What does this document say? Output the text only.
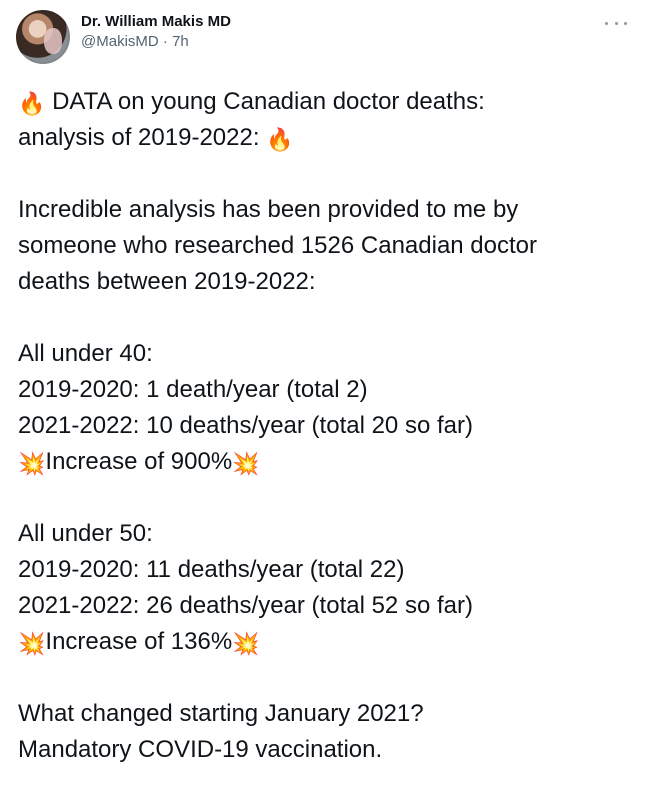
Dr. William Makis MD
@MakisMD · 7h
🔥 DATA on young Canadian doctor deaths:
analysis of 2019-2022: 🔥
Incredible analysis has been provided to me by
someone who researched 1526 Canadian doctor
deaths between 2019-2022:
All under 40:
2019-2020: 1 death/year (total 2)
2021-2022: 10 deaths/year (total 20 so far)
💥Increase of 900%💥
All under 50:
2019-2020: 11 deaths/year (total 22)
2021-2022: 26 deaths/year (total 52 so far)
💥Increase of 136%💥
What changed starting January 2021?
Mandatory COVID-19 vaccination.
